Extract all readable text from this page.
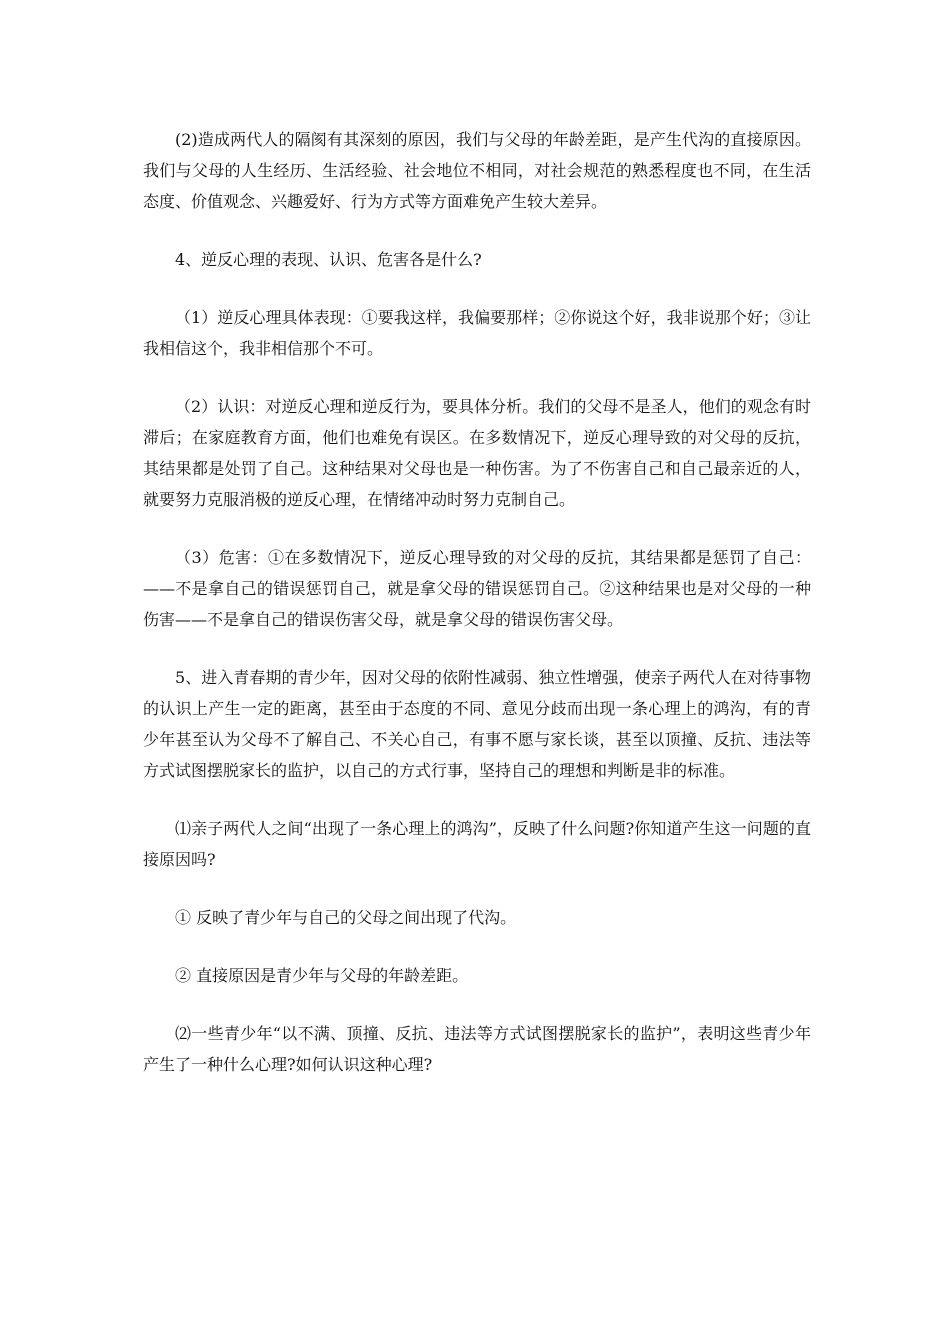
(2)造成两代人的隔阂有其深刻的原因，我们与父母的年龄差距，是产生代沟的直接原因。我们与父母的人生经历、生活经验、社会地位不相同，对社会规范的熟悉程度也不同，在生活态度、价值观念、兴趣爱好、行为方式等方面难免产生较大差异。

4、逆反心理的表现、认识、危害各是什么?

（1）逆反心理具体表现：①要我这样，我偏要那样；②你说这个好，我非说那个好；③让我相信这个，我非相信那个不可。

（2）认识：对逆反心理和逆反行为，要具体分析。我们的父母不是圣人，他们的观念有时滞后；在家庭教育方面，他们也难免有误区。在多数情况下，逆反心理导致的对父母的反抗，其结果都是处罚了自己。这种结果对父母也是一种伤害。为了不伤害自己和自己最亲近的人，就要努力克服消极的逆反心理，在情绪冲动时努力克制自己。

（3）危害：①在多数情况下，逆反心理导致的对父母的反抗，其结果都是惩罚了自己：——不是拿自己的错误惩罚自己，就是拿父母的错误惩罚自己。②这种结果也是对父母的一种伤害——不是拿自己的错误伤害父母，就是拿父母的错误伤害父母。

5、进入青春期的青少年，因对父母的依附性减弱、独立性增强，使亲子两代人在对待事物的认识上产生一定的距离，甚至由于态度的不同、意见分歧而出现一条心理上的鸿沟，有的青少年甚至认为父母不了解自己、不关心自己，有事不愿与家长谈，甚至以顶撞、反抗、违法等方式试图摆脱家长的监护，以自己的方式行事，坚持自己的理想和判断是非的标准。

⑴亲子两代人之间“出现了一条心理上的鸿沟”，反映了什么问题?你知道产生这一问题的直接原因吗?

① 反映了青少年与自己的父母之间出现了代沟。

② 直接原因是青少年与父母的年龄差距。

⑵一些青少年“以不满、顶撞、反抗、违法等方式试图摆脱家长的监护”，表明这些青少年产生了一种什么心理?如何认识这种心理?
